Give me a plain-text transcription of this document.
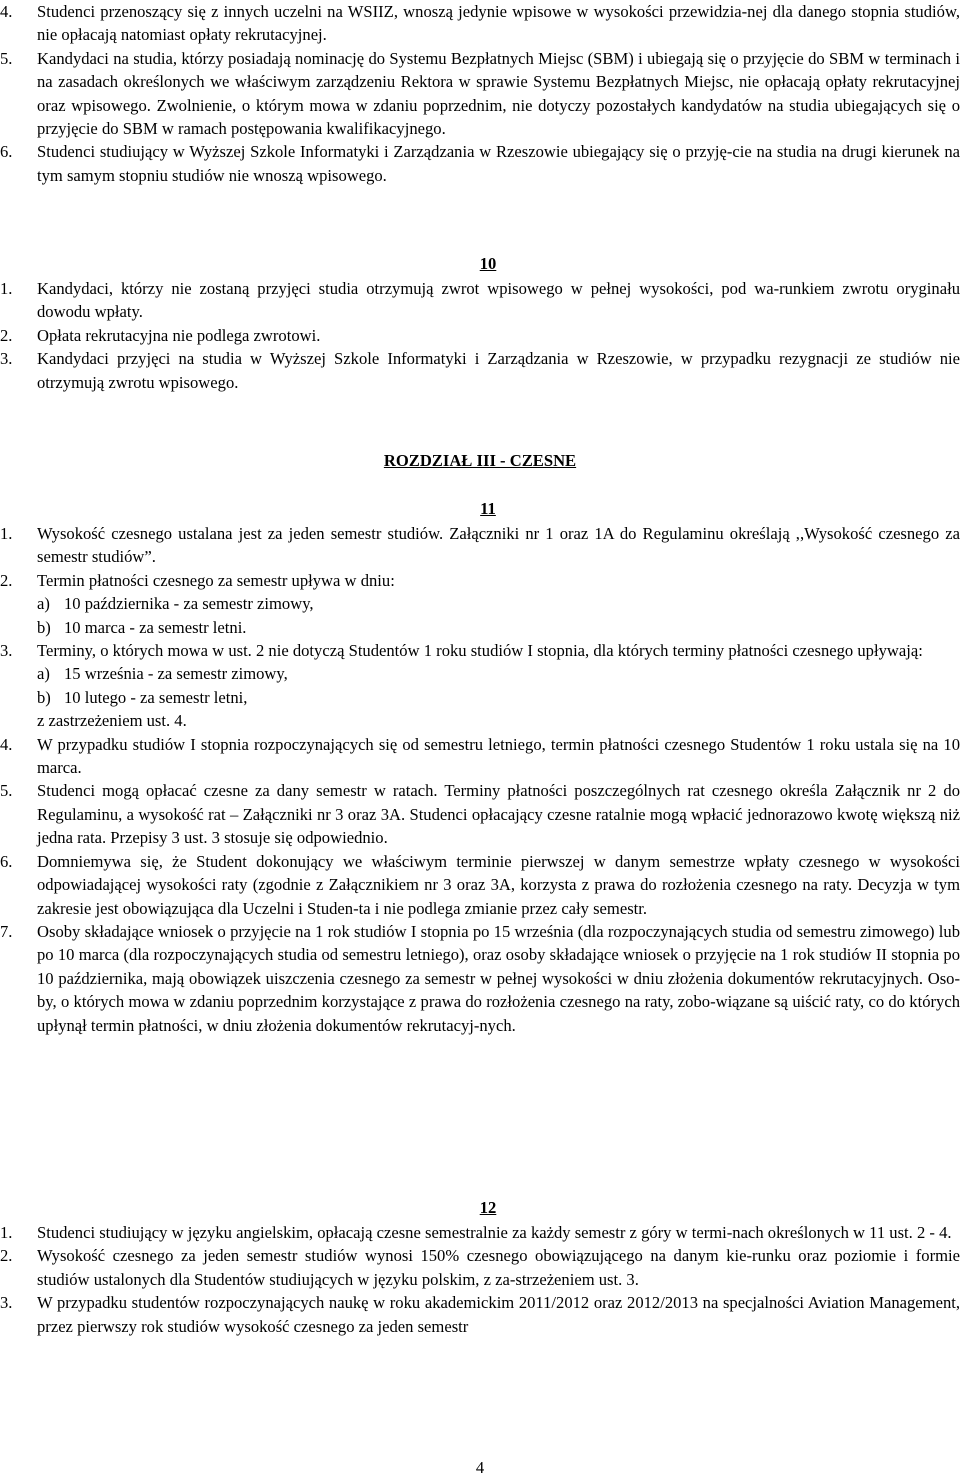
4.	Studenci przenoszący się z innych uczelni na WSIIZ, wnoszą jedynie wpisowe w wysokości przewidzia-nej dla danego stopnia studiów, nie opłacają natomiast opłaty rekrutacyjnej.
5.	Kandydaci na studia, którzy posiadają nominację do Systemu Bezpłatnych Miejsc (SBM) i ubiegają się o przyjęcie do SBM w terminach i na zasadach określonych we właściwym zarządzeniu Rektora w sprawie Systemu Bezpłatnych Miejsc, nie opłacają opłaty rekrutacyjnej oraz wpisowego. Zwolnienie, o którym mowa w zdaniu poprzednim, nie dotyczy pozostałych kandydatów na studia ubiegających się o przyjęcie do SBM w ramach postępowania kwalifikacyjnego.
6.	Studenci studiujący w Wyższej Szkole Informatyki i Zarządzania w Rzeszowie ubiegający się o przyję-cie na studia na drugi kierunek na tym samym stopniu studiów nie wnoszą wpisowego.
10
1.	Kandydaci, którzy nie zostaną przyjęci studia otrzymują zwrot wpisowego w pełnej wysokości, pod wa-runkiem zwrotu oryginału dowodu wpłaty.
2.	Opłata rekrutacyjna nie podlega zwrotowi.
3.	Kandydaci przyjęci na studia w Wyższej Szkole Informatyki i Zarządzania w Rzeszowie, w przypadku rezygnacji ze studiów nie otrzymują zwrotu wpisowego.
ROZDZIAŁ III - CZESNE
11
1.	Wysokość czesnego ustalana jest za jeden semestr studiów. Załączniki nr 1 oraz 1A do Regulaminu określają ,,Wysokość czesnego za semestr studiów”.
2.	Termin płatności czesnego za semestr upływa w dniu:
a) 10 października - za semestr zimowy,
b) 10 marca - za semestr letni.
3.	Terminy, o których mowa w ust. 2 nie dotyczą Studentów 1 roku studiów I stopnia, dla których terminy płatności czesnego upływają:
a) 15 września - za semestr zimowy,
b) 10 lutego - za semestr letni,
z zastrzeżeniem ust. 4.
4.	W przypadku studiów I stopnia rozpoczynających się od semestru letniego, termin płatności czesnego Studentów 1 roku ustala się na 10 marca.
5.	Studenci mogą opłacać czesne za dany semestr w ratach. Terminy płatności poszczególnych rat czesnego określa Załącznik nr 2 do Regulaminu, a wysokość rat – Załączniki nr 3 oraz 3A. Studenci opłacający czesne ratalnie mogą wpłacić jednorazowo kwotę większą niż jedna rata. Przepisy 3 ust. 3 stosuje się odpowiednio.
6.	Domniemywa się, że Student dokonujący we właściwym terminie pierwszej w danym semestrze wpłaty czesnego w wysokości odpowiadającej wysokości raty (zgodnie z Załącznikiem nr 3 oraz 3A, korzysta z prawa do rozłożenia czesnego na raty. Decyzja w tym zakresie jest obowiązująca dla Uczelni i Studen-ta i nie podlega zmianie przez cały semestr.
7.	Osoby składające wniosek o przyjęcie na 1 rok studiów I stopnia po 15 września (dla rozpoczynających studia od semestru zimowego) lub po 10 marca (dla rozpoczynających studia od semestru letniego), oraz osoby składające wniosek o przyjęcie na 1 rok studiów II stopnia po 10 października, mają obowiązek uiszczenia czesnego za semestr w pełnej wysokości w dniu złożenia dokumentów rekrutacyjnych. Oso-by, o których mowa w zdaniu poprzednim korzystające z prawa do rozłożenia czesnego na raty, zobo-wiązane są uiścić raty, co do których upłynął termin płatności, w dniu złożenia dokumentów rekrutacyj-nych.
12
1.	Studenci studiujący w języku angielskim, opłacają czesne semestralnie za każdy semestr z góry w termi-nach określonych w 11 ust. 2 - 4.
2.	Wysokość czesnego za jeden semestr studiów wynosi 150% czesnego obowiązującego na danym kie-runku oraz poziomie i formie studiów ustalonych dla Studentów studiujących w języku polskim, z za-strzeżeniem ust. 3.
3.	W przypadku studentów rozpoczynających naukę w roku akademickim 2011/2012 oraz 2012/2013 na specjalności Aviation Management, przez pierwszy rok studiów wysokość czesnego za jeden semestr
4
